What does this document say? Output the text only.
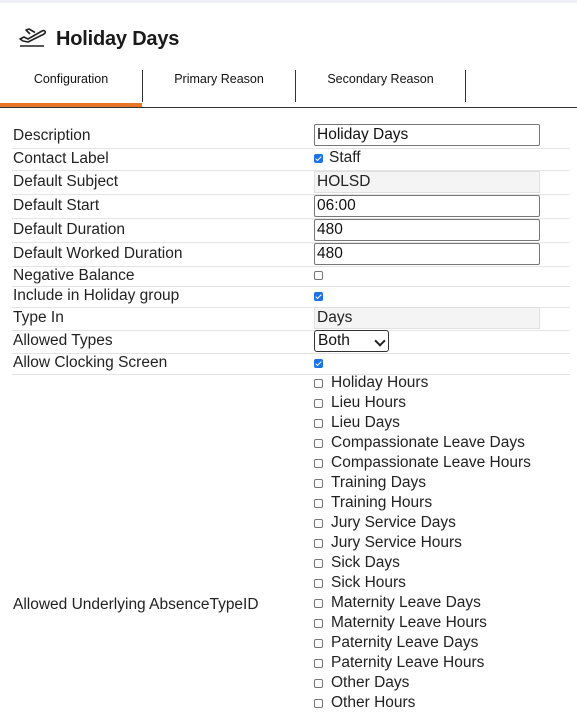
Holiday Days
Configuration	Primary Reason	Secondary Reason
Description	Holiday Days
Contact Label	Staff
Default Subject	HOLSD
Default Start	06:00
Default Duration	480
Default Worked Duration	480
Negative Balance
Include in Holiday group
Type In	Days
Allowed Types	Both
Allow Clocking Screen
Allowed Underlying AbsenceTypeID
Holiday Hours
Lieu Hours
Lieu Days
Compassionate Leave Days
Compassionate Leave Hours
Training Days
Training Hours
Jury Service Days
Jury Service Hours
Sick Days
Sick Hours
Maternity Leave Days
Maternity Leave Hours
Paternity Leave Days
Paternity Leave Hours
Other Days
Other Hours
